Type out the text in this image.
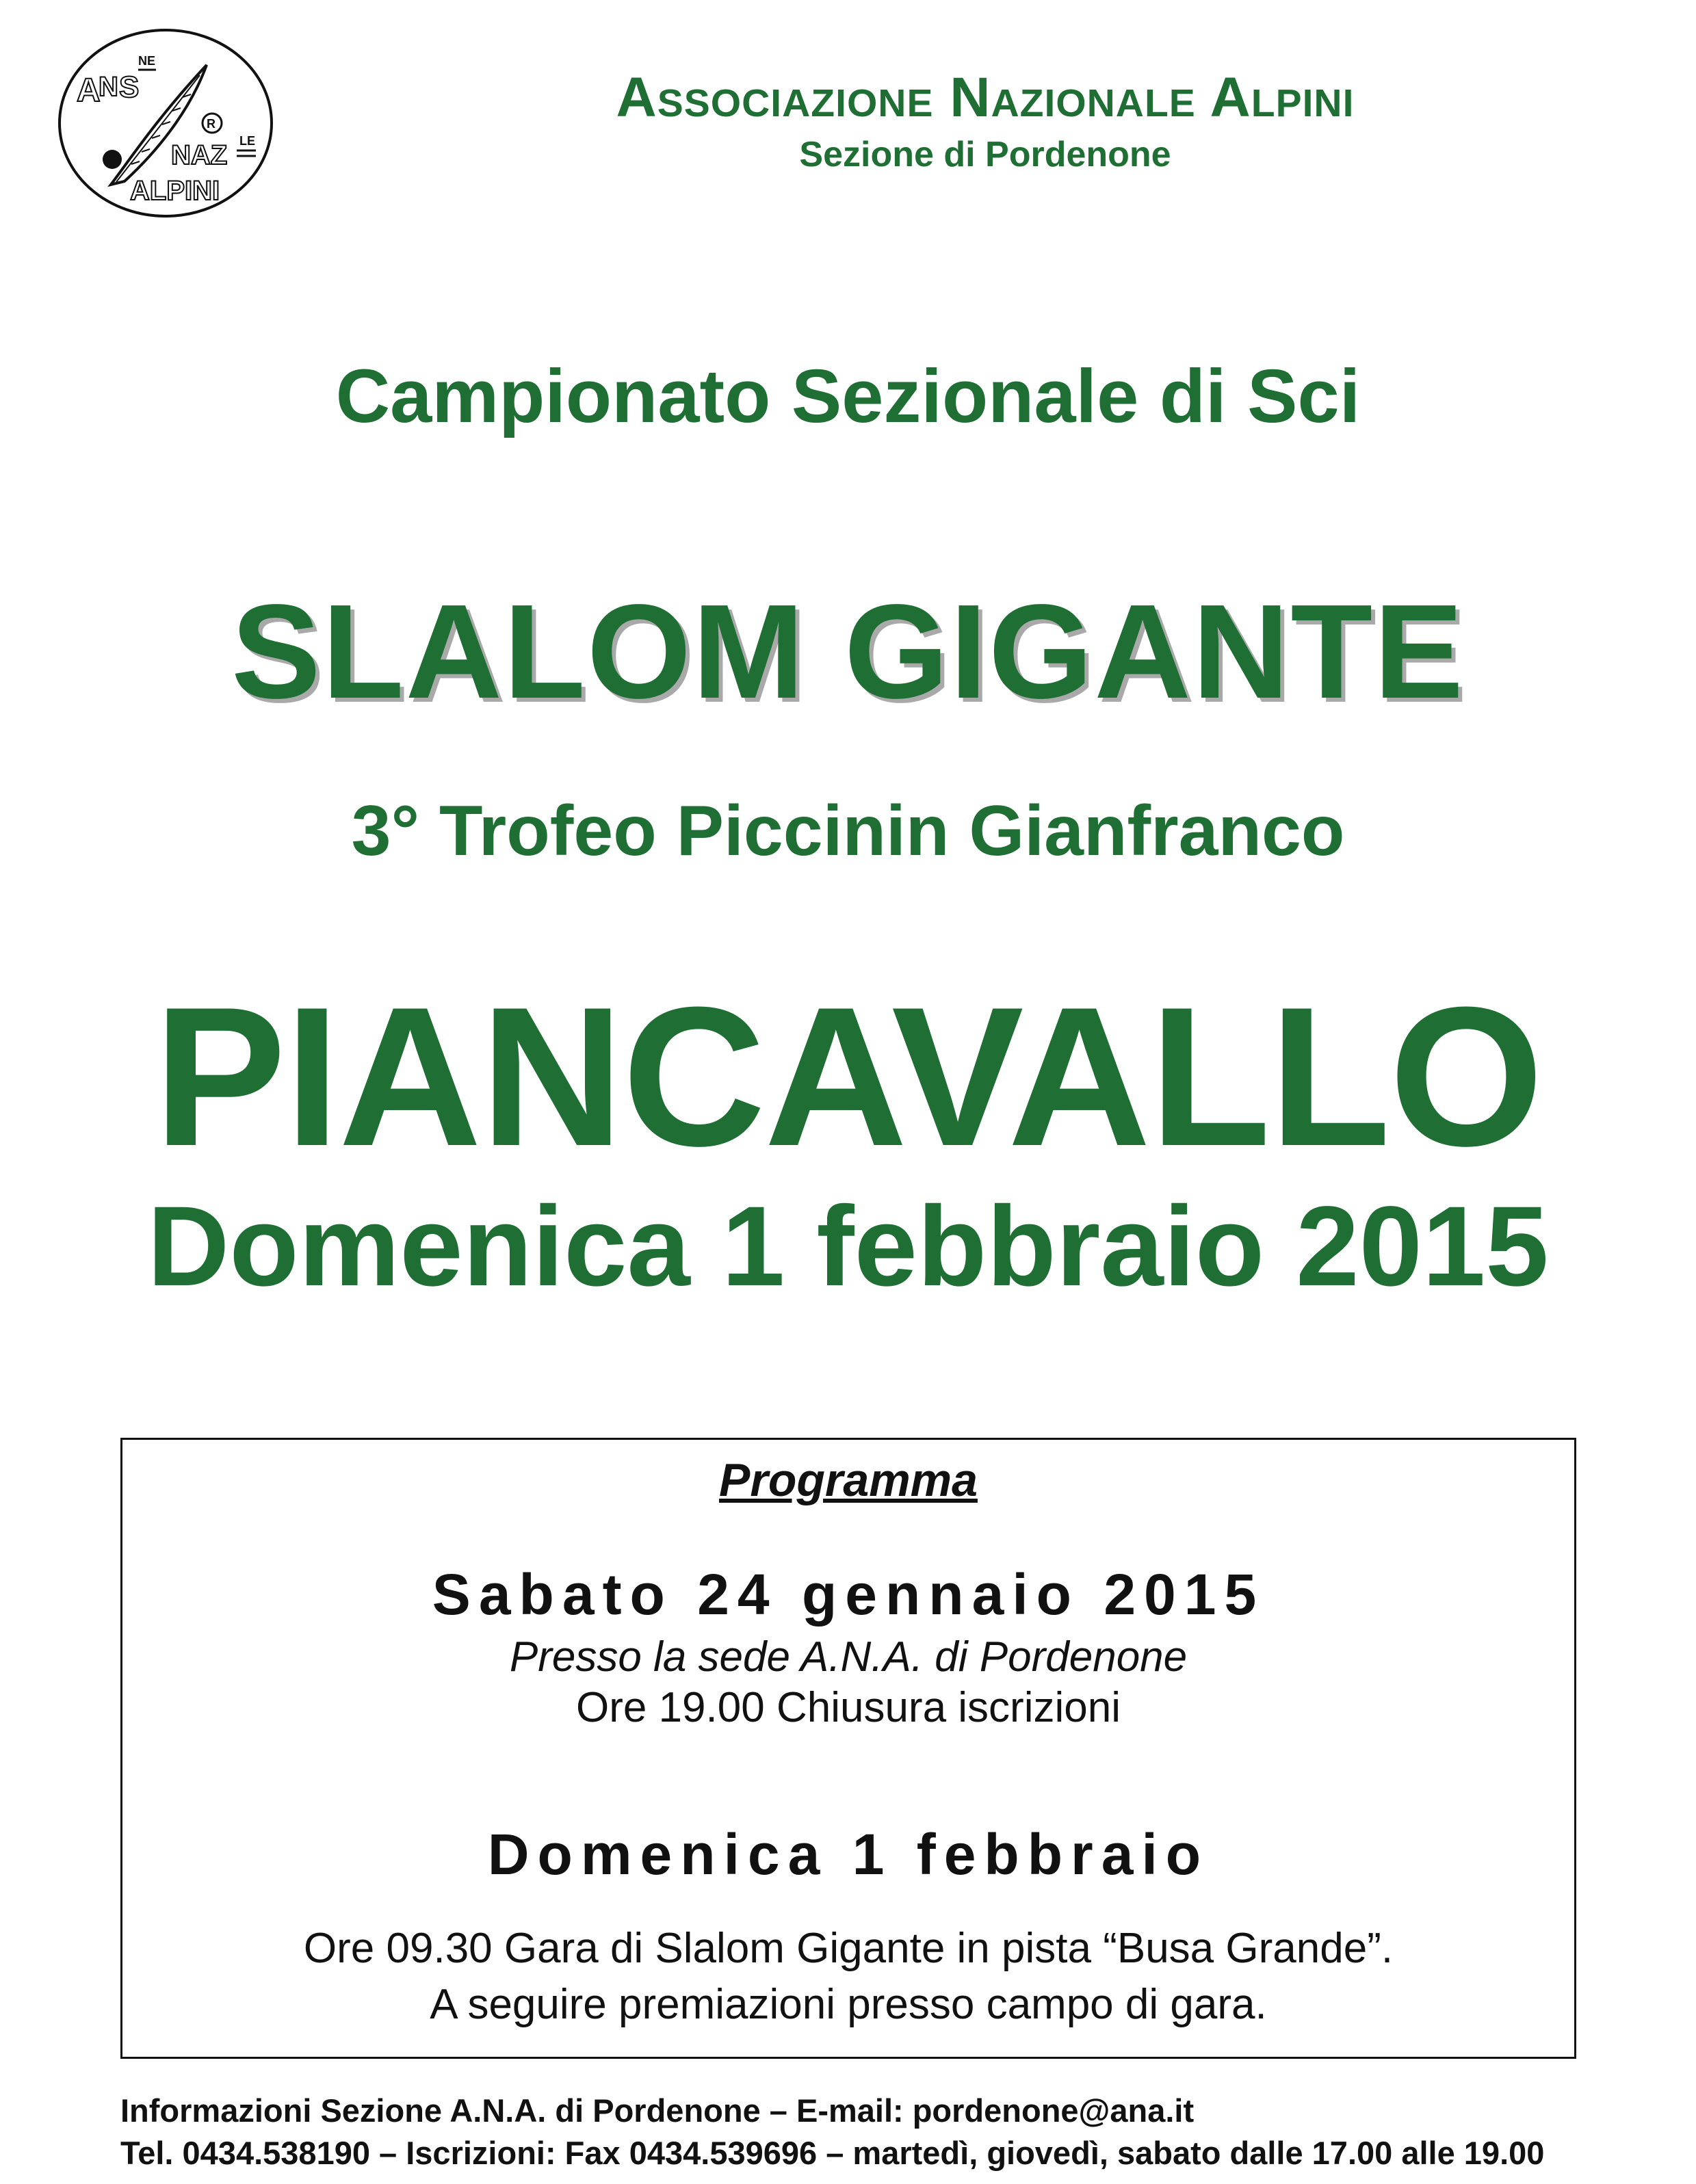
A
N S
NE
R
NAZ LE
ALPINI
Associazione Nazionale Alpini
Sezione di Pordenone
Campionato Sezionale di Sci
SLALOM GIGANTE
3° Trofeo Piccinin Gianfranco
PIANCAVALLO
Domenica 1 febbraio 2015
Programma
Sabato 24 gennaio 2015
Presso la sede A.N.A. di Pordenone
Ore 19.00 Chiusura iscrizioni
Domenica 1 febbraio
Ore 09.30 Gara di Slalom Gigante in pista “Busa Grande”.
A seguire premiazioni presso campo di gara.
Informazioni Sezione A.N.A. di Pordenone – E-mail: pordenone@ana.it
Tel. 0434.538190 – Iscrizioni: Fax 0434.539696 – martedì, giovedì, sabato dalle 17.00 alle 19.00
